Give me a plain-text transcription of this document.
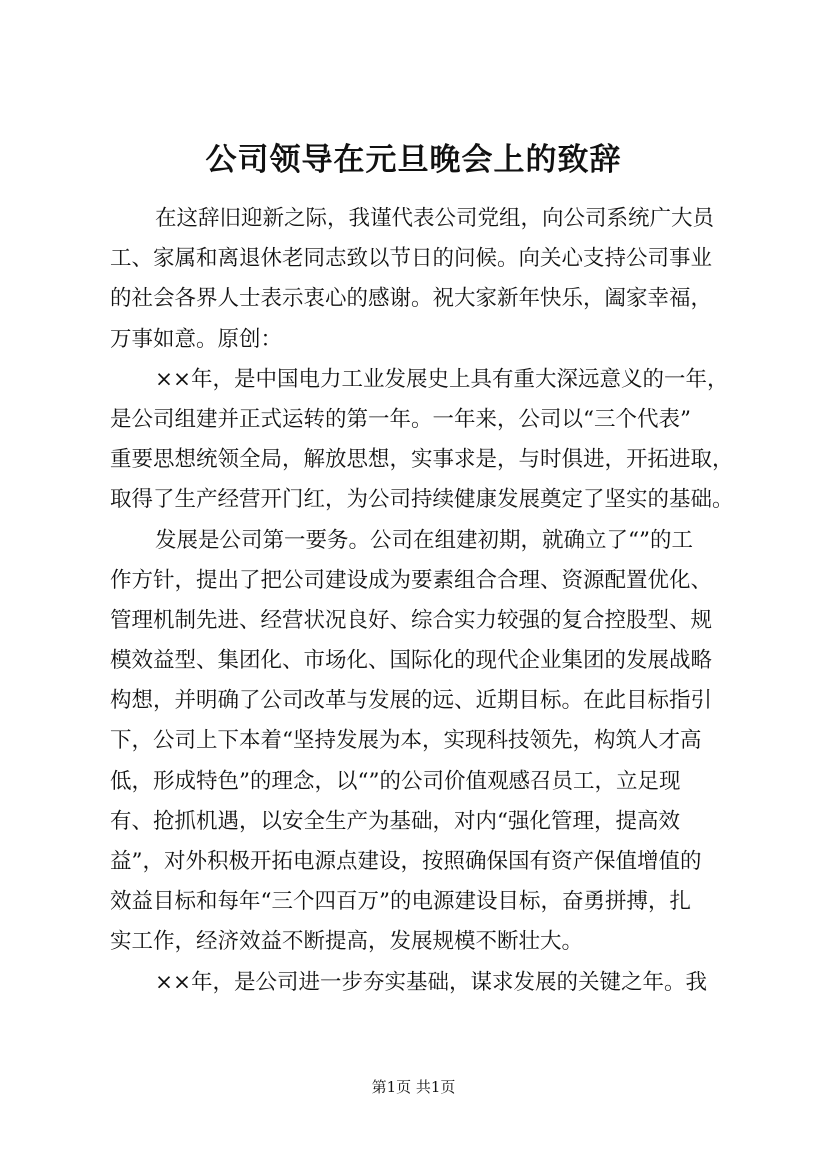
公司领导在元旦晚会上的致辞
在这辞旧迎新之际，我谨代表公司党组，向公司系统广大员
工、家属和离退休老同志致以节日的问候。向关心支持公司事业
的社会各界人士表示衷心的感谢。祝大家新年快乐，阖家幸福，
万事如意。原创：
××年，是中国电力工业发展史上具有重大深远意义的一年，
是公司组建并正式运转的第一年。一年来，公司以“三个代表”
重要思想统领全局，解放思想，实事求是，与时俱进，开拓进取，
取得了生产经营开门红，为公司持续健康发展奠定了坚实的基础。
发展是公司第一要务。公司在组建初期，就确立了“”的工
作方针，提出了把公司建设成为要素组合合理、资源配置优化、
管理机制先进、经营状况良好、综合实力较强的复合控股型、规
模效益型、集团化、市场化、国际化的现代企业集团的发展战略
构想，并明确了公司改革与发展的远、近期目标。在此目标指引
下，公司上下本着“坚持发展为本，实现科技领先，构筑人才高
低，形成特色”的理念，以“”的公司价值观感召员工，立足现
有、抢抓机遇，以安全生产为基础，对内“强化管理，提高效
益”，对外积极开拓电源点建设，按照确保国有资产保值增值的
效益目标和每年“三个四百万”的电源建设目标，奋勇拼搏，扎
实工作，经济效益不断提高，发展规模不断壮大。
××年，是公司进一步夯实基础，谋求发展的关键之年。我
第1页 共1页
